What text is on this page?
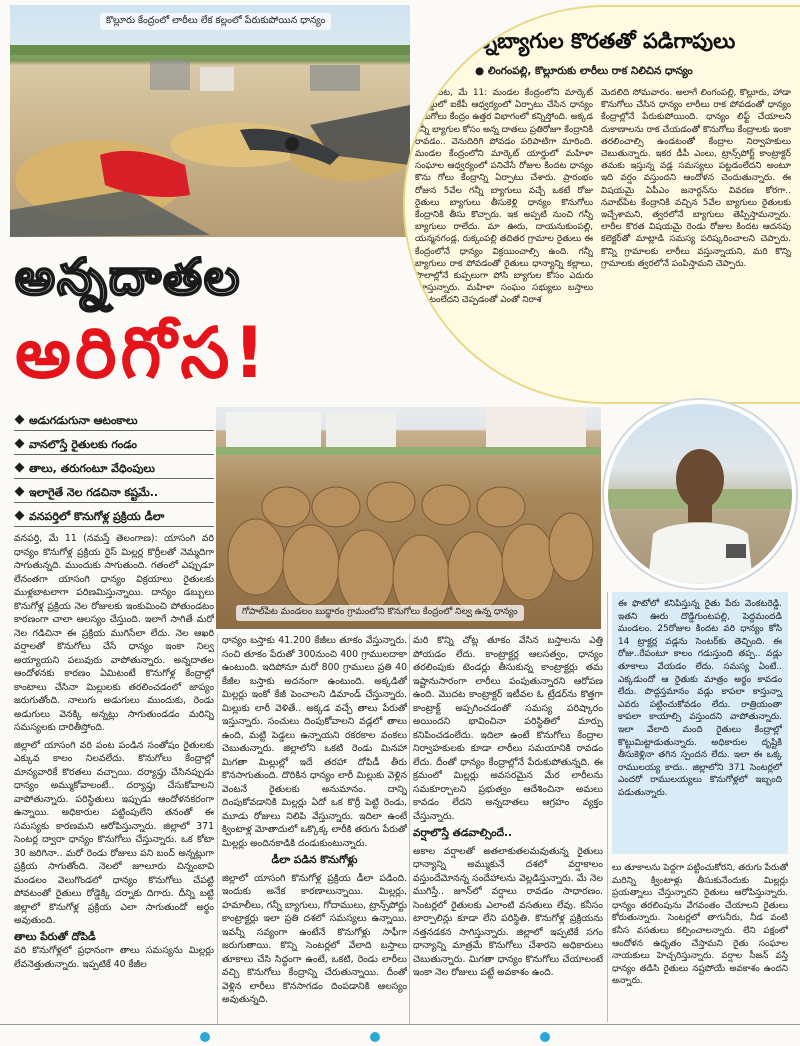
కొల్లూరు కేంద్రంలో లారీలు లేక కల్లంలో పేరుకుపోయిన ధాన్యం
గన్నీబ్యాగుల కొరతతో పడిగాపులు
● లింగంపల్లి, కొల్లూరుకు లారీలు రాక నిలిచిన ధాన్యం
నవాబ్‌పేట, మే 11: మండల కేంద్రంలోని మార్కెట్ యార్డులో ఐకేపీ ఆధ్వర్యంలో ఏర్పాటు చేసిన ధాన్యం కొనుగోలు కేంద్రం ఉత్తర విభాగంలో కన్నిస్తోంది. అక్కడ గన్నీ బ్యాగుల కోసం అన్న దాతలు ప్రతిరోజూ కేంద్రానికి రావడం.. వెనుదిరిగి పోవడం పరిపాటిగా మారింది. మండల కేంద్రంలోని మార్కెట్ యార్డులో మహిళా సంఘాల ఆధ్వర్యంలో పనిచేసే రోజుల కిందట ధాన్యం కొను గోలు కేంద్రాన్ని ఏర్పాటు చేశారు. ప్రారంభం రోజున 5వేల గన్నీ బ్యాగులు వచ్చే ఒకటే రోజు రైతులు బ్యాగులు తీసుకెళ్లి ధాన్యం కొనుగోలు కేంద్రానికి తీసు కొచ్చారు. ఇక అప్పటి నుంచి గన్నీ బ్యాగులు రాలేదు. మా ఊరు, దాయనుకుంపల్లి, యన్మనగండ్ల, రుక్కంపల్లి తదితర గ్రామాల రైతులు ఈ కేంద్రంలోనే ధాన్యం విక్రయించాల్సి ఉంది. గన్నీ బ్యాగులు రాక పోవడంతో రైతులు ధాన్యాన్ని కల్లాలు, పొలాల్లోనే కుప్పలుగా పోసి బ్యాగుల కోసం ఎదురు చూస్తున్నారు. మహిళా సంఘం సభ్యులు బస్తాలు రావటంలేదని చెప్పడంతో ఎంతో నిరాశ
మెదలిది సోమవారం. అలాగే లింగంపల్లి, కొల్లూరు, హాడా కొనుగోలు చేసిన ధాన్యం లారీలు రాక పోవడంతో ధాన్యం కేంద్రాల్లోనే పేరుకుపోయింది. ధాన్యం లిఫ్ట్ చేయాలని దుకాణాలను రాక చేయడంతో కొనుగోలు కేంద్రాలకు ఇంకా తరలించాల్సి ఉండటంతో కేంద్రాల నిర్వాహకులు చెబుతున్నారు. ఇకర డీపీ ఎంలు, ట్రాన్స్‌పోర్ట్ కాంట్రాక్టర్ తమకు ఇస్తున్న వడ్ల సమస్యలు పట్టడంలేదని అంటూ ఇది వర్షం వస్తుందని ఆందోళన చెందుతున్నారు. ఈ విషయమై ఏపీఎం జనార్దన్‌ను వివరణ కోరగా.. నవాబ్‌పేట కేంద్రానికి వచ్చిన 5వేల బ్యాగులు రైతులకు ఇచ్చేశామని, త్వరలోనే బ్యాగులు తెప్పిస్తామన్నారు. లారీల కొరత విషయమై రెండు రోజుల కిందట ఆదనపు కలెక్టర్‌తో మాట్లాడి సమస్య పరిష్కరించాలని చెప్పారు. కొన్ని గ్రామాలకు లారీలు వస్తున్నాయని, మరి కొన్ని గ్రామాలకు త్వరలోనే పంపిస్తామని చెప్పారు.
అన్నదాతల
అరిగోస!
అడుగడుగునా ఆటంకాలు
వానలొస్తే రైతులకు గండం
తాలు, తరుగంటూ వేధింపులు
ఇలాగైతే నెల గడచినా కష్టమే..
వనపర్తిలో కొనుగోళ్ల ప్రక్రియ డీలా
గోపాల్‌పేట మండలం బుద్ధారం గ్రామంలోని కొనుగోలు కేంద్రంలో నిల్వ ఉన్న ధాన్యం

వనపర్తి, మే 11 (నమస్తే తెలంగాణ): యాసంగి వరి ధాన్యం కొనుగోళ్ల ప్రక్రియ రైస్ మిల్లర్ల కొర్రీలతో నెమ్మదిగా సాగుతున్నది. ముందుకు సాగుతుంది. గతంలో ఎప్పుడూ లేనంతగా యాసంగి ధాన్యం విక్రయాలు రైతులకు ముళ్లబాటలాగా పరిణమిస్తున్నాయి. దాన్యం డబ్బులు కొనుగోళ్ల ప్రక్రియ నెల రోజులకు ఇంకుమించి పోతుండటం కారణంగా చాలా ఆలస్యం చేస్తుంది. ఇలాగే సాగితే మరో నెల గడిచినా ఈ ప్రక్రియ ముగిసేలా లేదు. నెల ఆఖరి వర్షాలతో కొనుగోలు చేసే ధాన్యం ఇంకా నిల్వ అయ్యాయని పలువురు వాపోతున్నారు. అన్నదాతల ఆందోళనకు కారణం ఏమిటంటే కొనుగోళ్ల కేంద్రాల్లో కాంటాలు చేసినా మిల్లులకు తరలించడంలో జాప్యం జరుగుతోంది. నాలుగు అడుగులు ముందుకు, రెండు అడుగులు వెనక్కి అన్నట్లు సాగుతుండడం మరిన్ని సమస్యలకు దారితీస్తోంది.

జిల్లాలో యాసంగి వరి పంట పండిన సంతోషం రైతులకు ఎక్కువ కాలం నిలవలేదు. కొనుగోలు కేంద్రాల్లో మాన్యవారికే కొరతలు వచ్చాయి. దర్యాప్తు చేసినప్పుడు ధాన్యం అమ్ముకోవాలంటే.. దర్యాప్తు చేసుకోవాలని వాపోతున్నారు. పరిస్థితులు ఇప్పుడు ఆందోళనకరంగా ఉన్నాయి. అధికారుల పట్టింపులేని తనంతో ఈ సమస్యకు కారణమని ఆరోపిస్తున్నారు. జిల్లాలో 371 సెంటర్ల ద్వారా ధాన్యం కొనుగోలు చేస్తున్నారు. ఒక కోటా 30 జరిగినా.. మరో రెండు రోజులు పని బంద్ అన్నట్లుగా ప్రక్రియ సాగుతోంది. నెలలో జూలూరు చిన్నంబావి మండలం వెలుగొండలో ధాన్యం కొనుగోలు చేపట్టి పోవటంతో రైతులు రోడ్డెక్కి దర్నాకు దిగారు. దీన్ని బట్టి జిల్లాలో కొనుగోళ్ల ప్రక్రియ ఎలా సాగుతుందో అర్థం అవుతుంది.

తాలు పేరుతో దోపిడీ

వరి కొనుగోళ్లలో ప్రధానంగా తాలు సమస్యను మిల్లర్లు లేవనెత్తుతున్నారు. ఇప్పటికే 40 కేజీల

ధాన్యం బస్తాకు 41.200 కేజీలు తూకం వేస్తున్నారు. సంచి తూకం పేరుతో 300నుంచి 400 గ్రాములదాకా ఉంటుంది. ఇదిపోనూ మరో 800 గ్రాములు ప్రతి 40 కేజీల బస్తాకు అదనంగా ఉంటుంది. అక్కడితో మిల్లర్లు ఇంకో కేజీ పెంచాలని డిమాండ్ చేస్తున్నారు. మిల్లుకు లారీ వెళితే.. అక్కడ వచ్చే తాలు పేరుతో ఇస్తున్నారు. సంచులు దింపుకోవాలని వడ్లలో తాలు ఉంది, మట్టి పెడ్డలు ఉన్నాయని రకరకాల వంకలు చెబుతున్నారు. జిల్లాలోని ఒకటి రెండు మినహా మిగతా మిల్లుల్లో ఇదే తరహా దోపిడీ తీరు కొనసాగుతుంది. దొరికిన ధాన్యం లారీ మిల్లుకు వెళ్లిన వెంటనే రైతులకు అనుమానం. దాన్ని దింపుకోవడానికి మిల్లర్లు ఏదో ఒక కొర్రీ పెట్టి రెండు, మూడు రోజులు నిలిపి వేస్తున్నారు. ఇదిలా ఉంటే క్వింటాళ్ల మోతాదులో ఒక్కొక్క లారీకి తరుగు పేరుతో మిల్లర్లు అందినకాడికి దండుకుంటున్నారు.

డీలా పడిన కొనుగోళ్లు

జిల్లాలో యాసంగి కొనుగోళ్ల ప్రక్రియ డీలా పడింది. ఇందుకు అనేక కారణాలున్నాయి. మిల్లర్లు, హమాలీలు, గన్నీ బ్యాగులు, గోదాములు, ట్రాన్స్‌పోర్టు కాంట్రాక్టర్లు ఇలా ప్రతి దశలో సమస్యలు ఉన్నాయి. ఇవన్నీ సవ్యంగా ఉంటేనే కొనుగోళ్లు సాఫీగా జరుగుతాయి. కొన్ని సెంటర్లలో వేలాది బస్తాలు తూకాలు చేసి సిద్ధంగా ఉంటే, ఒకటి, రెండు లారీలు వచ్చి కొనుగోలు కేంద్రాన్ని చేరుతున్నాయి. దీంతో వెళ్లిన లారీలు కొనసాగడం దింపడానికి ఆలస్యం అవుతున్నది.

మరి కొన్ని చోట్ల తూకం వేసిన బస్తాలను ఎత్తి పోయడం లేదు. కాంట్రాక్టర్ల ఆలసత్వం, ధాన్యం తరలింపుకు టెండర్లు తీసుకున్న కాంట్రాక్టర్లు తమ ఇష్టానుసారంగా లారీలు పంపుతున్నారని ఆరోపణ ఉంది. మొదట కాంట్రాక్టర్ ఇటీవల ఓ ట్రేడర్‌ను కొత్తగా కాంట్రాక్ట్ అప్పగించడంతో సమస్య పరిష్కారం అయిందని భావించినా పరిస్థితిలో మార్పు కనిపించడంలేదు. ఇదిలా ఉంటే కొనుగోలు కేంద్రాల నిర్వాహకులకు కూడా లారీలు సమయానికి రావడం లేదు. దీంతో ధాన్యం కేంద్రాల్లోనే పేరుకుపోతున్నది. ఈ క్రమంలో మిల్లర్లు అవసరమైన మేర లారీలను సమకూర్చాలని ప్రభుత్వం ఆదేశించినా అమలు కావడం లేదని అన్నదాతలు ఆగ్రహం వ్యక్తం చేస్తున్నారు.

వర్షాలొస్తే తడవాల్సిందే..

అకాల వర్షాలతో అతలాకుతలమవుతున్న రైతులు ధాన్యాన్ని అమ్ముకునే దశలో వర్షాకాలం వస్తుందేమోనన్న సందేహాలను వెల్లడిస్తున్నారు. మే నెల ముగిస్తే.. జూన్‌లో వర్షాలు రావడం సాధారణం. సెంటర్లలో రైతులకు ఎలాంటి వసతులు లేవు. కనీసం టార్పాలిన్లు కూడా లేని పరిస్థితి. కొనుగోళ్ల ప్రక్రియను నత్తనడకన సాగిస్తున్నారు. జిల్లాలో ఇప్పటికే సగం ధాన్యాన్ని మాత్రమే కొనుగోలు చేశారని అధికారులు చెబుతున్నారు. మిగతా ధాన్యం కొనుగోలు చేయాలంటే ఇంకా నెల రోజులు పట్టే అవకాశం ఉంది.

ఈ ఫొటోలో కనిపిస్తున్న రైతు పేరు వెంకటరెడ్డి. ఇతని ఊరు దొడ్డిగుంటపల్లి, పెద్దమందడి మండలం. 25రోజుల కిందట వరి ధాన్యం కోసి 14 ట్రాక్టర్ల వడ్లను సెంటర్‌కు తెచ్చింది. ఈ రోజు..రేపంటూ కాలం గడుస్తుంది తప్ప.. వడ్లు తూకాలు వేయడం లేదు. సమస్య ఏంటే.. ఎక్కడుందో ఆ రైతుకు మాత్రం అర్థం కావడం లేదు. పొద్దస్తమానం వడ్లు కాపలా కాస్తున్నా ఎవరు పట్టించుకోవడం లేదు. రాత్రియంతా కాపలా కాయాల్సి వస్తుందని వాపోతున్నారు. ఇలా వేలాది మంది రైతులు కేంద్రాల్లో కొట్టుమిట్టాడుతున్నారు. అధికారుల దృష్టికి తీసుకెళ్లినా తగిన స్పందన లేదు. ఇలా ఈ ఒక్క రాములయ్య కాదు.. జిల్లాలోని 371 సెంటర్లలో ఎందరో రాములయ్యలు కొనుగోళ్లలో ఇబ్బంది పడుతున్నారు.
లు తూకాలను పెద్దగా పట్టించుకోరని, తరుగు పేరుతో మరిన్ని క్వింటాళ్లు తీసుకునేందుకు మిల్లర్లు ప్రయత్నాలు చేస్తున్నారని రైతులు ఆరోపిస్తున్నారు. ధాన్యం తరలింపును వేగవంతం చేయాలని రైతులు కోరుతున్నారు. సెంటర్లలో తాగునీరు, నీడ వంటి కనీస వసతులు కల్పించాలన్నారు. లేని పక్షంలో ఆందోళన ఉధృతం చేస్తామని రైతు సంఘాల నాయకులు హెచ్చరిస్తున్నారు. వర్షాల సీజన్ వస్తే ధాన్యం తడిసి రైతులు నష్టపోయే అవకాశం ఉందని అన్నారు.
